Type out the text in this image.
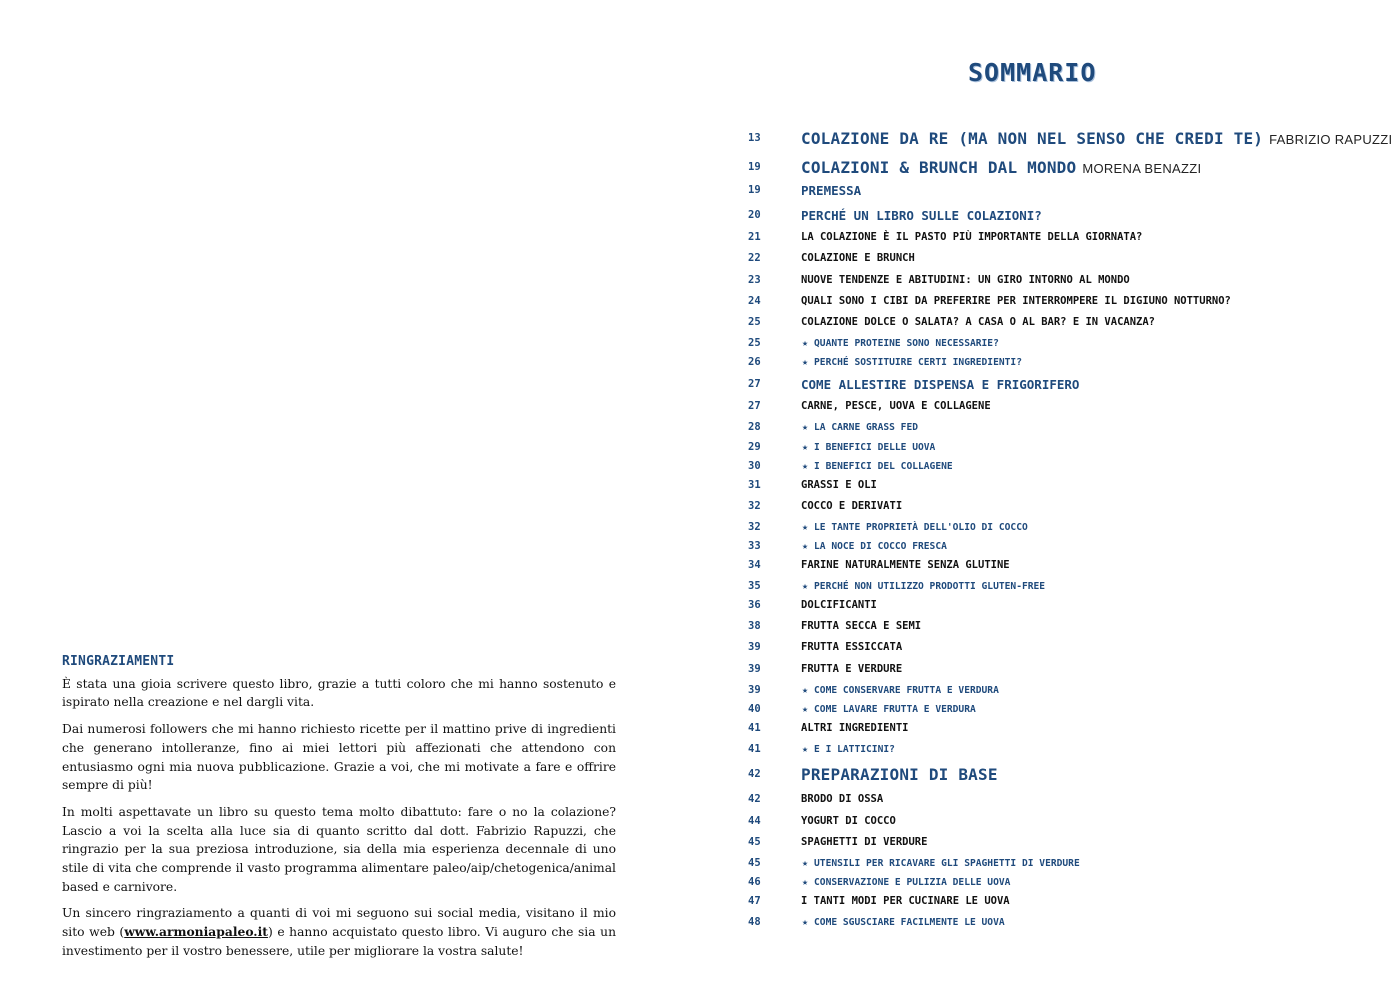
RINGRAZIAMENTI

È stata una gioia scrivere questo libro, grazie a tutti coloro che mi hanno sostenuto e ispirato nella creazione e nel dargli vita.

Dai numerosi followers che mi hanno richiesto ricette per il mattino prive di ingredienti che generano intolleranze, fino ai miei lettori più affezionati che attendono con entusiasmo ogni mia nuova pubblicazione. Grazie a voi, che mi motivate a fare e offrire sempre di più!

In molti aspettavate un libro su questo tema molto dibattuto: fare o no la colazione? Lascio a voi la scelta alla luce sia di quanto scritto dal dott. Fabrizio Rapuzzi, che ringrazio per la sua preziosa introduzione, sia della mia esperienza decennale di uno stile di vita che comprende il vasto programma alimentare paleo/aip/chetogenica/animal based e carnivore.

Un sincero ringraziamento a quanti di voi mi seguono sui social media, visitano il mio sito web (www.armoniapaleo.it) e hanno acquistato questo libro. Vi auguro che sia un investimento per il vostro benessere, utile per migliorare la vostra salute!

SOMMARIO
13	COLAZIONE DA RE (MA NON NEL SENSO CHE CREDI TE) FABRIZIO RAPUZZI
19	COLAZIONI & BRUNCH DAL MONDO MORENA BENAZZI
19	PREMESSA
20	PERCHÉ UN LIBRO SULLE COLAZIONI?
21	LA COLAZIONE È IL PASTO PIÙ IMPORTANTE DELLA GIORNATA?
22	COLAZIONE E BRUNCH
23	NUOVE TENDENZE E ABITUDINI: UN GIRO INTORNO AL MONDO
24	QUALI SONO I CIBI DA PREFERIRE PER INTERROMPERE IL DIGIUNO NOTTURNO?
25	COLAZIONE DOLCE O SALATA? A CASA O AL BAR? E IN VACANZA?
25	★ QUANTE PROTEINE SONO NECESSARIE?
26	★ PERCHÉ SOSTITUIRE CERTI INGREDIENTI?
27	COME ALLESTIRE DISPENSA E FRIGORIFERO
27	CARNE, PESCE, UOVA E COLLAGENE
28	★ LA CARNE GRASS FED
29	★ I BENEFICI DELLE UOVA
30	★ I BENEFICI DEL COLLAGENE
31	GRASSI E OLI
32	COCCO E DERIVATI
32	★ LE TANTE PROPRIETÀ DELL'OLIO DI COCCO
33	★ LA NOCE DI COCCO FRESCA
34	FARINE NATURALMENTE SENZA GLUTINE
35	★ PERCHÉ NON UTILIZZO PRODOTTI GLUTEN-FREE
36	DOLCIFICANTI
38	FRUTTA SECCA E SEMI
39	FRUTTA ESSICCATA
39	FRUTTA E VERDURE
39	★ COME CONSERVARE FRUTTA E VERDURA
40	★ COME LAVARE FRUTTA E VERDURA
41	ALTRI INGREDIENTI
41	★ E I LATTICINI?
42	PREPARAZIONI DI BASE
42	BRODO DI OSSA
44	YOGURT DI COCCO
45	SPAGHETTI DI VERDURE
45	★ UTENSILI PER RICAVARE GLI SPAGHETTI DI VERDURE
46	★ CONSERVAZIONE E PULIZIA DELLE UOVA
47	I TANTI MODI PER CUCINARE LE UOVA
48	★ COME SGUSCIARE FACILMENTE LE UOVA
